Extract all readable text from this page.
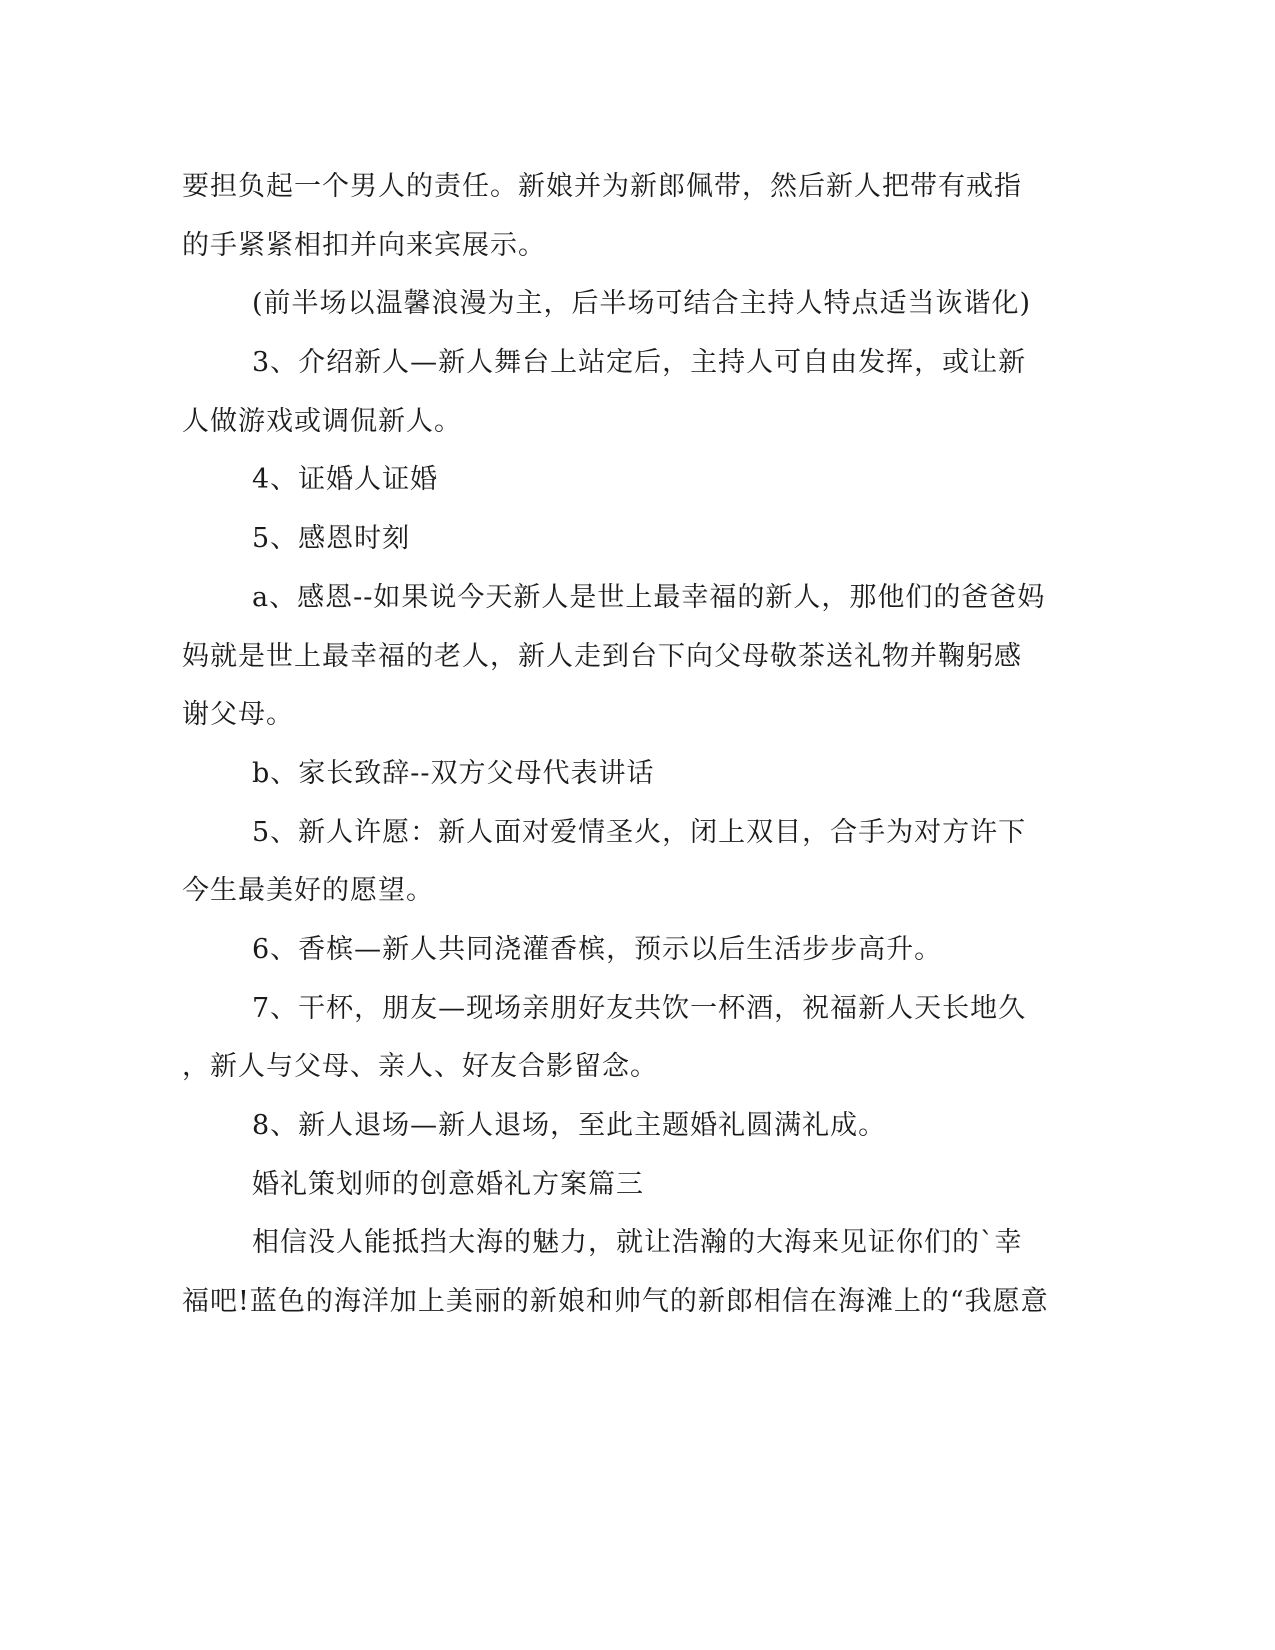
要担负起一个男人的责任。新娘并为新郎佩带，然后新人把带有戒指
的手紧紧相扣并向来宾展示。
(前半场以温馨浪漫为主，后半场可结合主持人特点适当诙谐化)
3、介绍新人—新人舞台上站定后，主持人可自由发挥，或让新
人做游戏或调侃新人。
4、证婚人证婚
5、感恩时刻
a、感恩--如果说今天新人是世上最幸福的新人，那他们的爸爸妈
妈就是世上最幸福的老人，新人走到台下向父母敬茶送礼物并鞠躬感
谢父母。
b、家长致辞--双方父母代表讲话
5、新人许愿：新人面对爱情圣火，闭上双目，合手为对方许下
今生最美好的愿望。
6、香槟—新人共同浇灌香槟，预示以后生活步步高升。
7、干杯，朋友—现场亲朋好友共饮一杯酒，祝福新人天长地久
，新人与父母、亲人、好友合影留念。
8、新人退场—新人退场，至此主题婚礼圆满礼成。
婚礼策划师的创意婚礼方案篇三
相信没人能抵挡大海的魅力，就让浩瀚的大海来见证你们的`幸
福吧!蓝色的海洋加上美丽的新娘和帅气的新郎相信在海滩上的“我愿意
